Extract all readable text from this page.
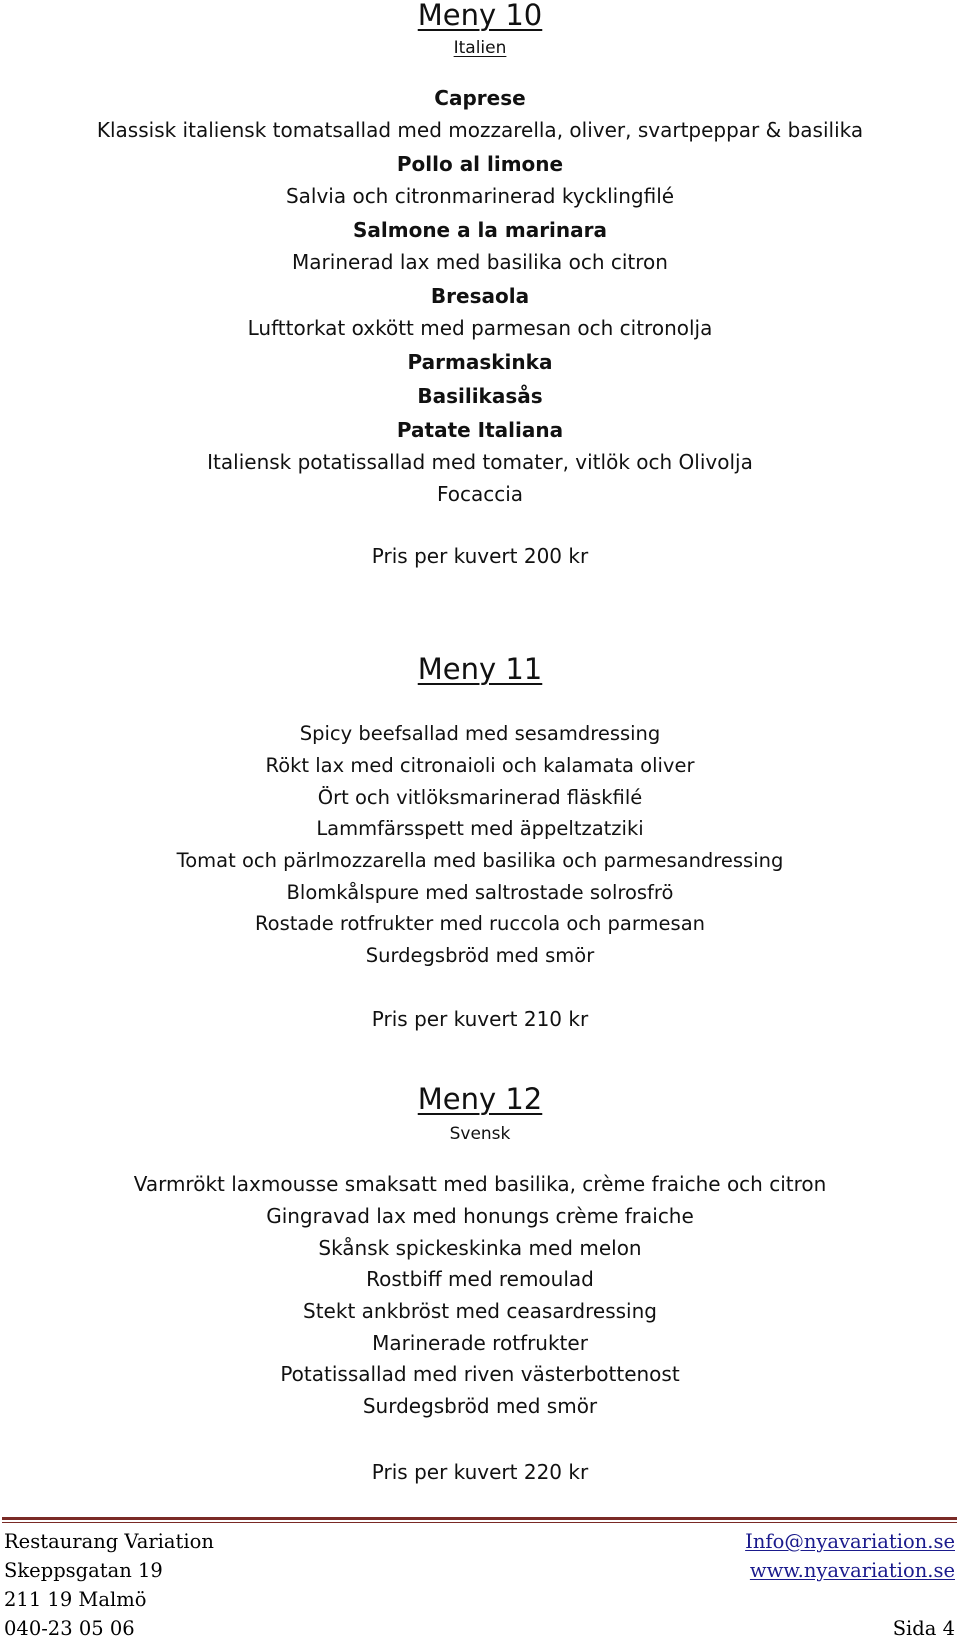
Meny 10
Italien
Caprese
Klassisk italiensk tomatsallad med mozzarella, oliver, svartpeppar & basilika
Pollo al limone
Salvia och citronmarinerad kycklingfilé
Salmone a la marinara
Marinerad lax med basilika och citron
Bresaola
Lufttorkat oxkött med parmesan och citronolja
Parmaskinka
Basilikasås
Patate Italiana
Italiensk potatissallad med tomater, vitlök och Olivolja
Focaccia
Pris per kuvert 200 kr
Meny 11
Spicy beefsallad med sesamdressing
Rökt lax med citronaioli och kalamata oliver
Ört och vitlöksmarinerad fläskfilé
Lammfärsspett med äppeltzatziki
Tomat och pärlmozzarella med basilika och parmesandressing
Blomkålspure med saltrostade solrosfrö
Rostade rotfrukter med ruccola och parmesan
Surdegsbröd med smör
Pris per kuvert 210 kr
Meny 12
Svensk
Varmrökt laxmousse smaksatt med basilika, crème fraiche och citron
Gingravad lax med honungs crème fraiche
Skånsk spickeskinka med melon
Rostbiff med remoulad
Stekt ankbröst med ceasardressing
Marinerade rotfrukter
Potatissallad med riven västerbottenost
Surdegsbröd med smör
Pris per kuvert 220 kr
Restaurang Variation
Skeppsgatan 19
211 19 Malmö
040-23 05 06
Info@nyavariation.se
www.nyavariation.se
Sida 4
